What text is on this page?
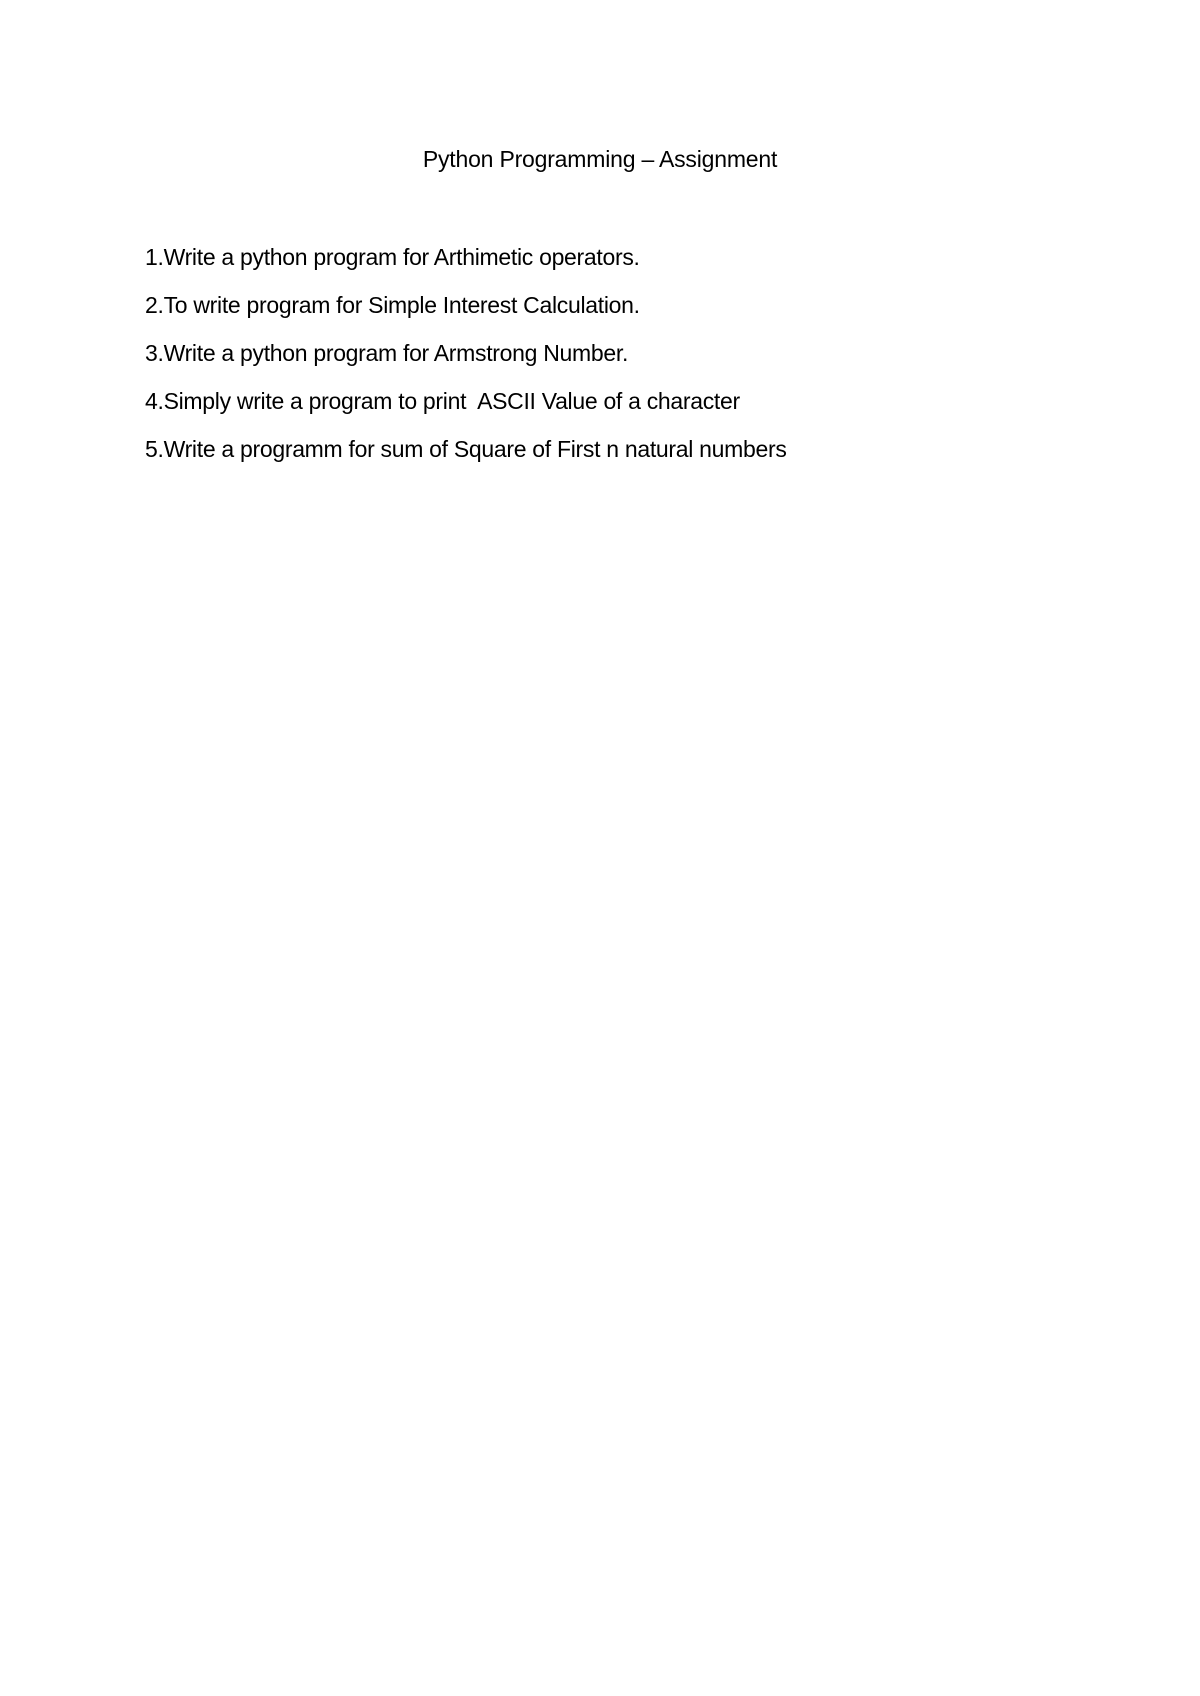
Python Programming – Assignment
1.Write a python program for Arthimetic operators.
2.To write program for Simple Interest Calculation.
3.Write a python program for Armstrong Number.
4.Simply write a program to print  ASCII Value of a character
5.Write a programm for sum of Square of First n natural numbers
